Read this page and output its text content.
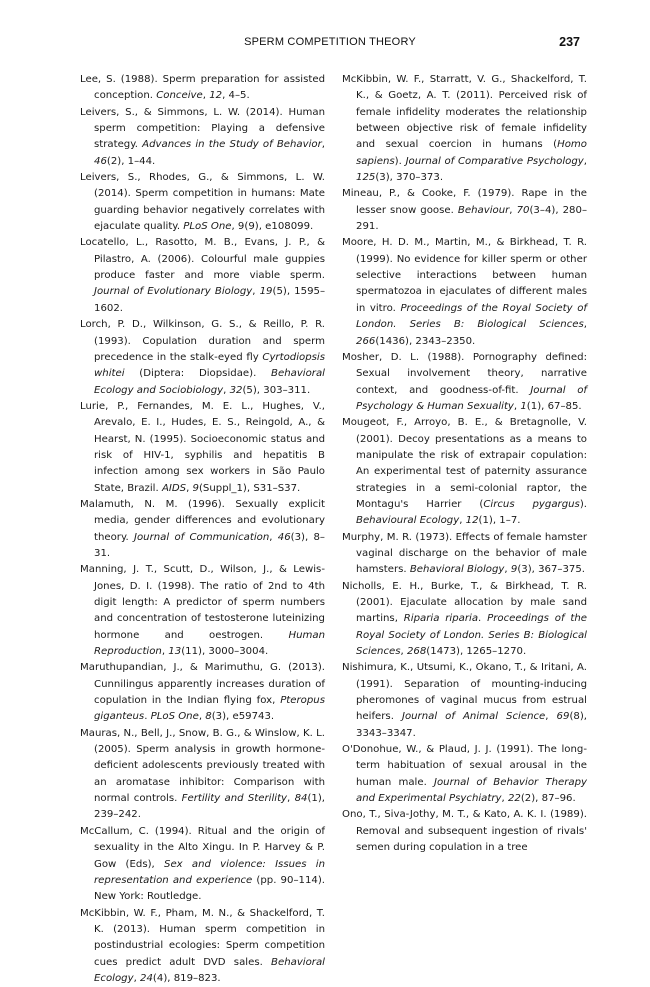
SPERM COMPETITION THEORY	237

Lee, S. (1988). Sperm preparation for assisted conception. Conceive, 12, 4–5.

Leivers, S., & Simmons, L. W. (2014). Human sperm competition: Playing a defensive strategy. Advances in the Study of Behavior, 46(2), 1–44.

Leivers, S., Rhodes, G., & Simmons, L. W. (2014). Sperm competition in humans: Mate guarding behavior negatively correlates with ejaculate quality. PLoS One, 9(9), e108099.

Locatello, L., Rasotto, M. B., Evans, J. P., & Pilastro, A. (2006). Colourful male guppies produce faster and more viable sperm. Journal of Evolutionary Biology, 19(5), 1595–1602.

Lorch, P. D., Wilkinson, G. S., & Reillo, P. R. (1993). Copulation duration and sperm precedence in the stalk-eyed fly Cyrtodiopsis whitei (Diptera: Diopsidae). Behavioral Ecology and Sociobiology, 32(5), 303–311.

Lurie, P., Fernandes, M. E. L., Hughes, V., Arevalo, E. I., Hudes, E. S., Reingold, A., & Hearst, N. (1995). Socioeconomic status and risk of HIV-1, syphilis and hepatitis B infection among sex workers in São Paulo State, Brazil. AIDS, 9(Suppl_1), S31–S37.

Malamuth, N. M. (1996). Sexually explicit media, gender differences and evolutionary theory. Journal of Communication, 46(3), 8–31.

Manning, J. T., Scutt, D., Wilson, J., & Lewis-Jones, D. I. (1998). The ratio of 2nd to 4th digit length: A predictor of sperm numbers and concentration of testosterone luteinizing hormone and oestrogen. Human Reproduction, 13(11), 3000–3004.

Maruthupandian, J., & Marimuthu, G. (2013). Cunnilingus apparently increases duration of copulation in the Indian flying fox, Pteropus giganteus. PLoS One, 8(3), e59743.

Mauras, N., Bell, J., Snow, B. G., & Winslow, K. L. (2005). Sperm analysis in growth hormone-deficient adolescents previously treated with an aromatase inhibitor: Comparison with normal controls. Fertility and Sterility, 84(1), 239–242.

McCallum, C. (1994). Ritual and the origin of sexuality in the Alto Xingu. In P. Harvey & P. Gow (Eds), Sex and violence: Issues in representation and experience (pp. 90–114). New York: Routledge.

McKibbin, W. F., Pham, M. N., & Shackelford, T. K. (2013). Human sperm competition in postindustrial ecologies: Sperm competition cues predict adult DVD sales. Behavioral Ecology, 24(4), 819–823.

McKibbin, W. F., Starratt, V. G., Shackelford, T. K., & Goetz, A. T. (2011). Perceived risk of female infidelity moderates the relationship between objective risk of female infidelity and sexual coercion in humans (Homo sapiens). Journal of Comparative Psychology, 125(3), 370–373.

Mineau, P., & Cooke, F. (1979). Rape in the lesser snow goose. Behaviour, 70(3–4), 280–291.

Moore, H. D. M., Martin, M., & Birkhead, T. R. (1999). No evidence for killer sperm or other selective interactions between human spermatozoa in ejaculates of different males in vitro. Proceedings of the Royal Society of London. Series B: Biological Sciences, 266(1436), 2343–2350.

Mosher, D. L. (1988). Pornography defined: Sexual involvement theory, narrative context, and goodness-of-fit. Journal of Psychology & Human Sexuality, 1(1), 67–85.

Mougeot, F., Arroyo, B. E., & Bretagnolle, V. (2001). Decoy presentations as a means to manipulate the risk of extrapair copulation: An experimental test of paternity assurance strategies in a semi-colonial raptor, the Montagu's Harrier (Circus pygargus). Behavioural Ecology, 12(1), 1–7.

Murphy, M. R. (1973). Effects of female hamster vaginal discharge on the behavior of male hamsters. Behavioral Biology, 9(3), 367–375.

Nicholls, E. H., Burke, T., & Birkhead, T. R. (2001). Ejaculate allocation by male sand martins, Riparia riparia. Proceedings of the Royal Society of London. Series B: Biological Sciences, 268(1473), 1265–1270.

Nishimura, K., Utsumi, K., Okano, T., & Iritani, A. (1991). Separation of mounting-inducing pheromones of vaginal mucus from estrual heifers. Journal of Animal Science, 69(8), 3343–3347.

O'Donohue, W., & Plaud, J. J. (1991). The long-term habituation of sexual arousal in the human male. Journal of Behavior Therapy and Experimental Psychiatry, 22(2), 87–96.

Ono, T., Siva-Jothy, M. T., & Kato, A. K. I. (1989). Removal and subsequent ingestion of rivals' semen during copulation in a tree
